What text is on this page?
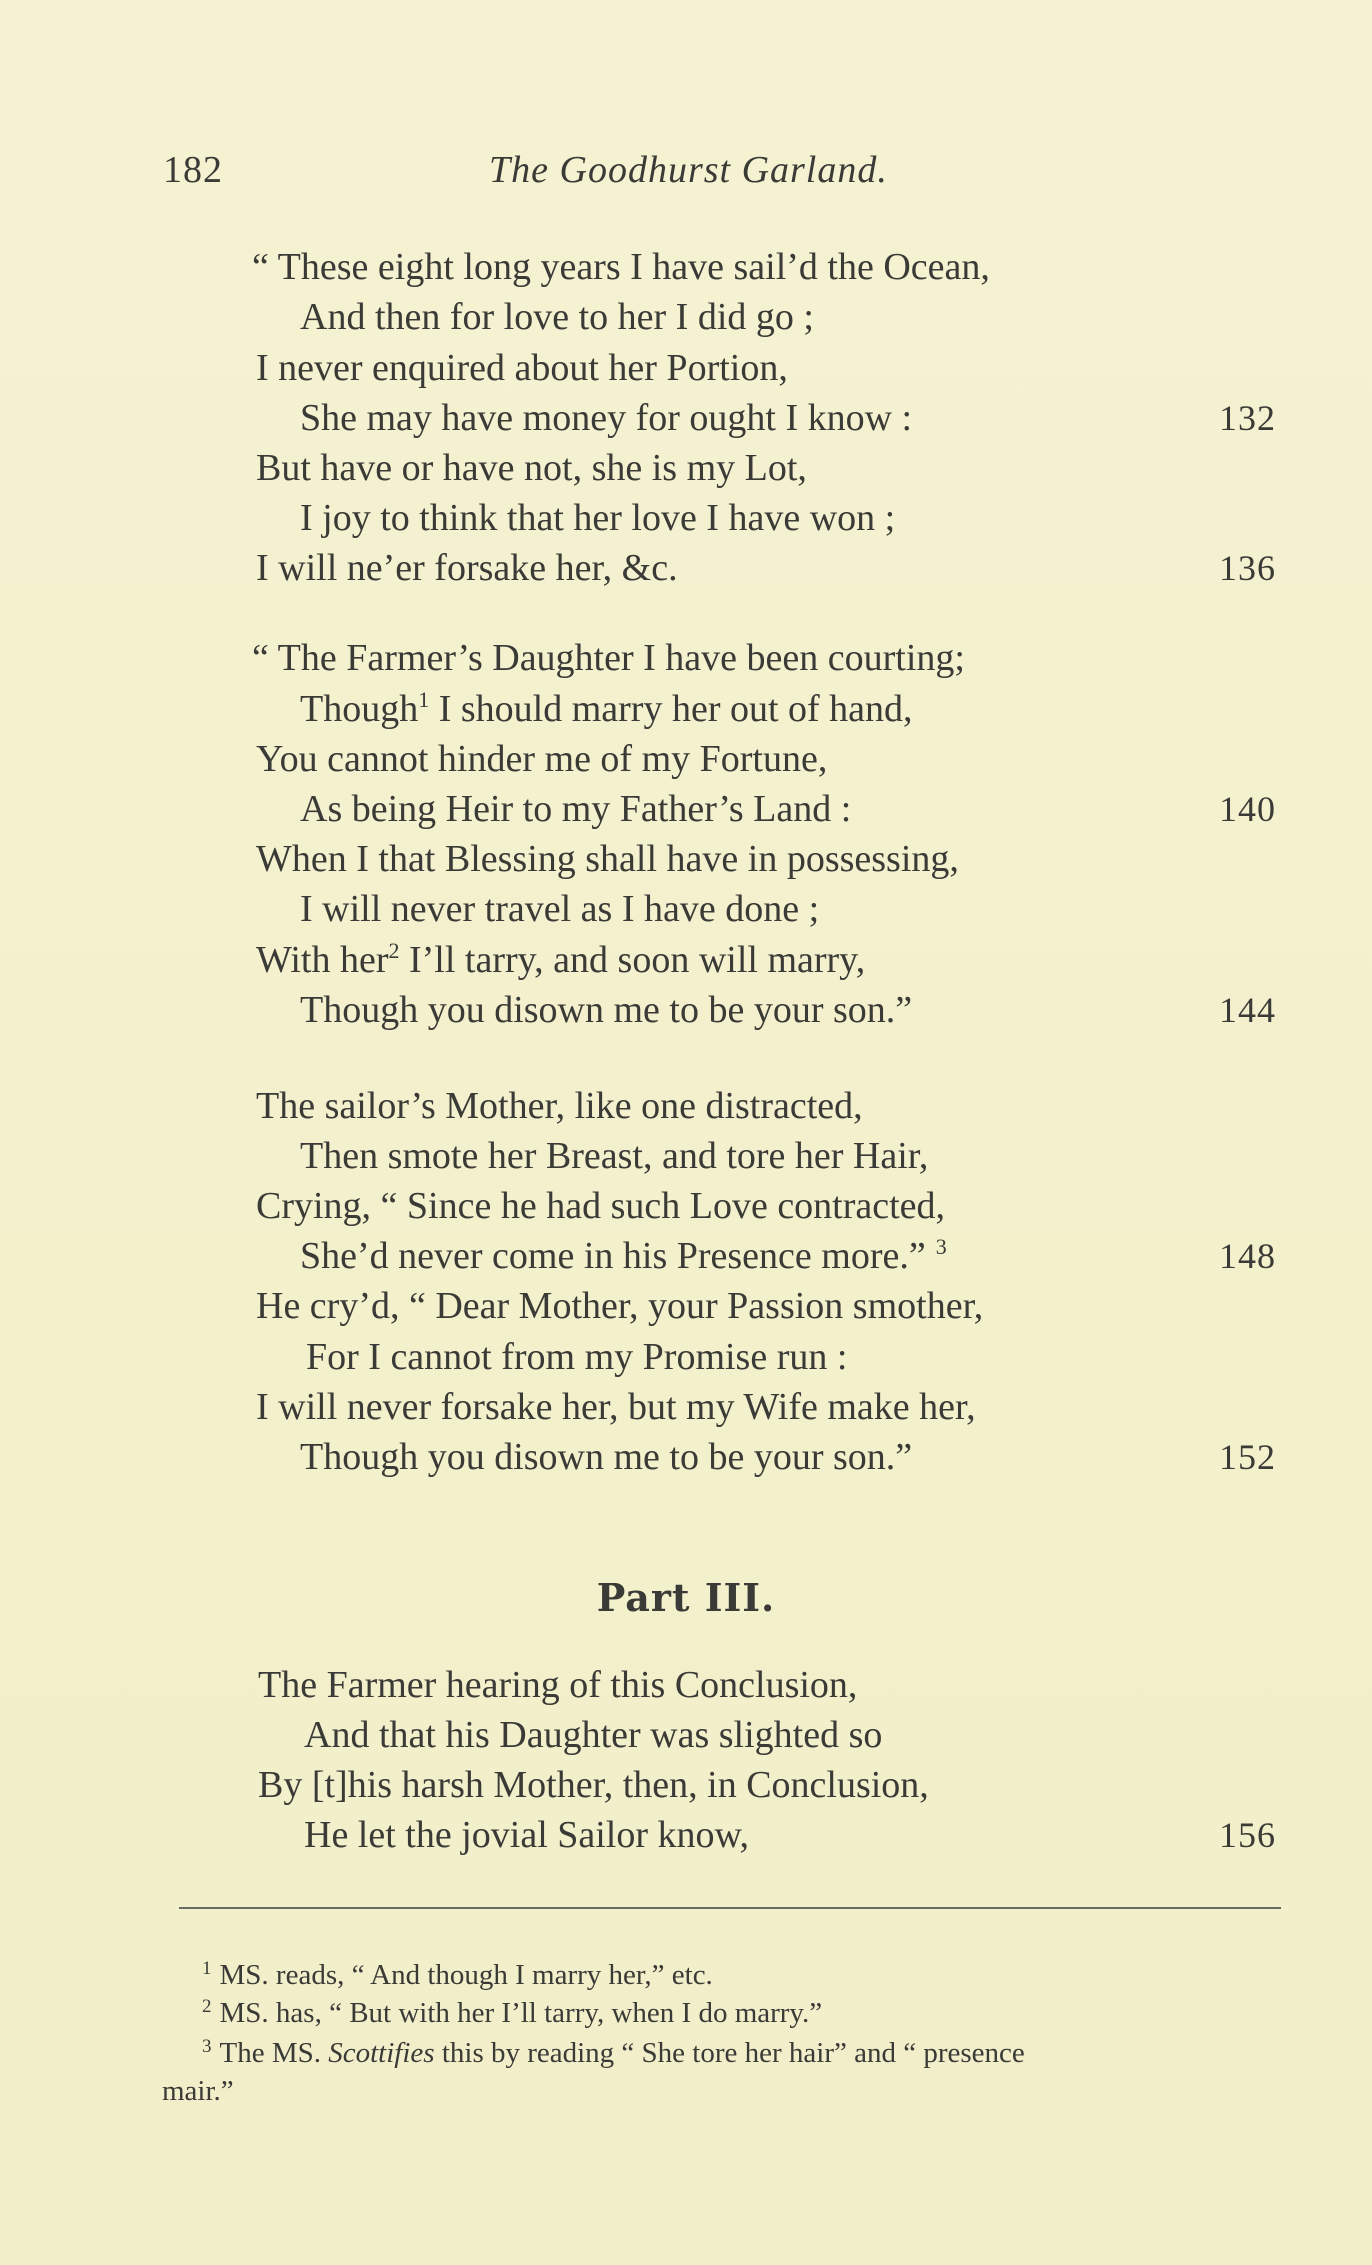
182	The Goodhurst Garland.
“ These eight long years I have sail’d the Ocean,
And then for love to her I did go ;
I never enquired about her Portion,
She may have money for ought I know :	132
But have or have not, she is my Lot,
I joy to think that her love I have won ;
I will ne’er forsake her, &c.	136
“ The Farmer’s Daughter I have been courting;
Though$^1$ I should marry her out of hand,
You cannot hinder me of my Fortune,
As being Heir to my Father’s Land :	140
When I that Blessing shall have in possessing,
I will never travel as I have done ;
With her$^2$ I’ll tarry, and soon will marry,
Though you disown me to be your son.”	144
The sailor’s Mother, like one distracted,
Then smote her Breast, and tore her Hair,
Crying, “ Since he had such Love contracted,
She’d never come in his Presence more.” $^3$	148
He cry’d, “ Dear Mother, your Passion smother,
For I cannot from my Promise run :
I will never forsake her, but my Wife make her,
Though you disown me to be your son.”	152
Part III.
The Farmer hearing of this Conclusion,
And that his Daughter was slighted so
By [t]his harsh Mother, then, in Conclusion,
He let the jovial Sailor know,	156
$^1$ MS. reads, “ And though I marry her,” etc.
$^2$ MS. has, “ But with her I’ll tarry, when I do marry.”
$^3$ The MS. Scottifies this by reading “ She tore her hair” and “ presence
mair.”
